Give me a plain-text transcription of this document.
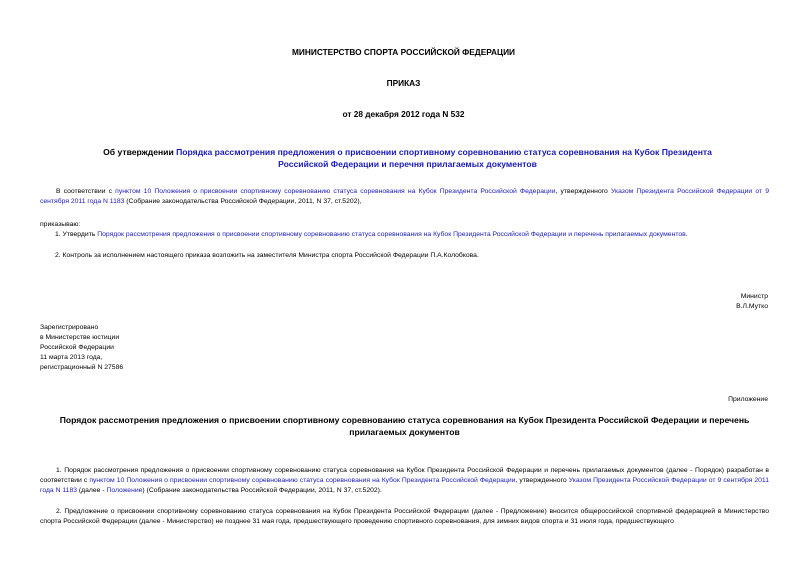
МИНИСТЕРСТВО СПОРТА РОССИЙСКОЙ ФЕДЕРАЦИИ
ПРИКАЗ
от 28 декабря 2012 года N 532
Об утверждении Порядка рассмотрения предложения о присвоении спортивному соревнованию статуса соревнования на Кубок Президента Российской Федерации и перечня прилагаемых документов
В соответствии с пунктом 10 Положения о присвоении спортивному соревнованию статуса соревнования на Кубок Президента Российской Федерации, утвержденного Указом Президента Российской Федерации от 9 сентября 2011 года N 1183 (Собрание законодательства Российской Федерации, 2011, N 37, ст.5202),
приказываю:
1. Утвердить Порядок рассмотрения предложения о присвоении спортивному соревнованию статуса соревнования на Кубок Президента Российской Федерации и перечень прилагаемых документов.
2. Контроль за исполнением настоящего приказа возложить на заместителя Министра спорта Российской Федерации П.А.Колобкова.
Министр
В.Л.Мутко
Зарегистрировано
в Министерстве юстиции
Российской Федерации
11 марта 2013 года,
регистрационный N 27586
Приложение
Порядок рассмотрения предложения о присвоении спортивному соревнованию статуса соревнования на Кубок Президента Российской Федерации и перечень прилагаемых документов
1. Порядок рассмотрения предложения о присвоении спортивному соревнованию статуса соревнования на Кубок Президента Российской Федерации и перечень прилагаемых документов (далее - Порядок) разработан в соответствии с пунктом 10 Положения о присвоении спортивному соревнованию статуса соревнования на Кубок Президента Российской Федерации, утвержденного Указом Президента Российской Федерации от 9 сентября 2011 года N 1183 (далее - Положение) (Собрание законодательства Российской Федерации, 2011, N 37, ст.5202).
2. Предложение о присвоении спортивному соревнованию статуса соревнования на Кубок Президента Российской Федерации (далее - Предложение) вносится общероссийской спортивной федерацией в Министерство спорта Российской Федерации (далее - Министерство) не позднее 31 мая года, предшествующего проведению спортивного соревнования, для зимних видов спорта и 31 июля года, предшествующего
